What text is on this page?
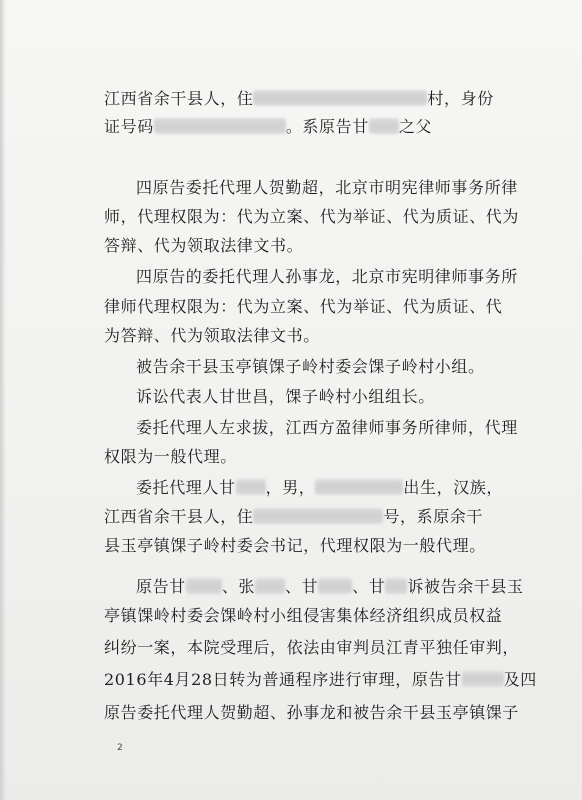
江西省余干县人，住	村，身份
证号码	。系原告甘 之父
四原告委托代理人贺勤超，北京市明宪律师事务所律
师，代理权限为：代为立案、代为举证、代为质证、代为
答辩、代为领取法律文书。
四原告的委托代理人孙事龙，北京市宪明律师事务所
律师代理权限为：代为立案、代为举证、代为质证、代
为答辩、代为领取法律文书。
被告余干县玉亭镇馃子岭村委会馃子岭村小组。
诉讼代表人甘世昌，馃子岭村小组组长。
委托代理人左求拔，江西方盈律师事务所律师，代理
权限为一般代理。
委托代理人甘 ，男，	出生，汉族，
江西省余干县人，住	号，系原余干
县玉亭镇馃子岭村委会书记，代理权限为一般代理。
原告甘 、张 、甘 、甘 诉被告余干县玉
亭镇馃岭村委会馃岭村小组侵害集体经济组织成员权益
纠纷一案，本院受理后，依法由审判员江青平独任审判，
2016年4月28日转为普通程序进行审理，原告甘	及四
原告委托代理人贺勤超、孙事龙和被告余干县玉亭镇馃子
2
